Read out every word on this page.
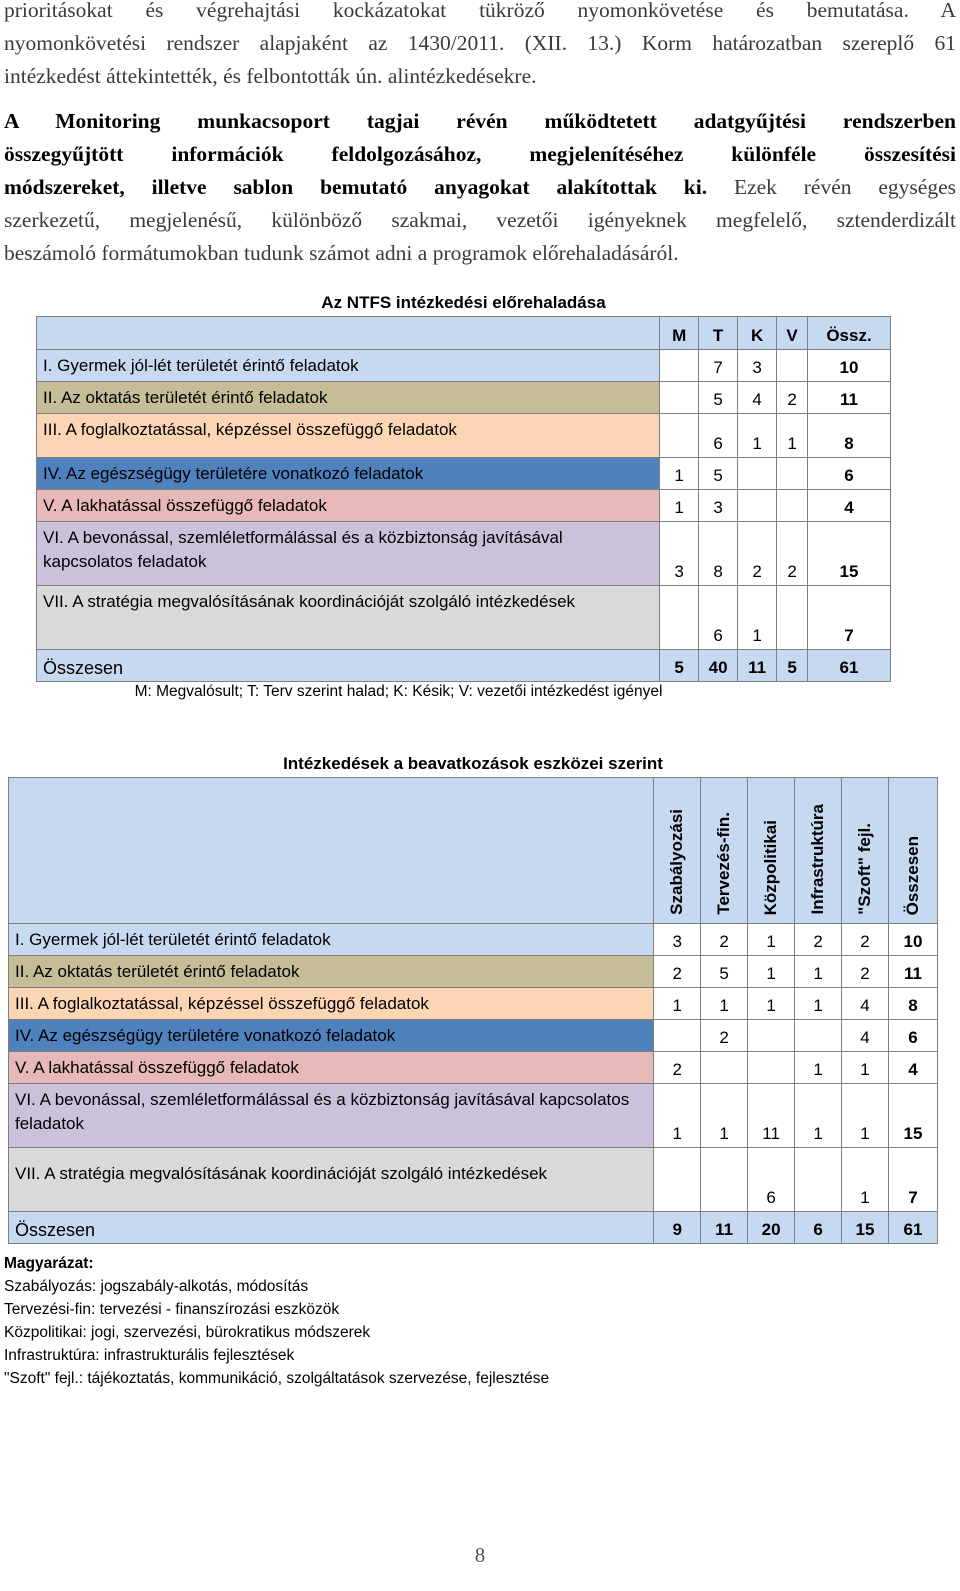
prioritásokat és végrehajtási kockázatokat tükröző nyomonkövetése és bemutatása. A
nyomonkövetési rendszer alapjaként az 1430/2011. (XII. 13.) Korm határozatban szereplő 61
intézkedést áttekintették, és felbontották ún. alintézkedésekre.
A Monitoring munkacsoport tagjai révén működtetett adatgyűjtési rendszerben
összegyűjtött információk feldolgozásához, megjelenítéséhez különféle összesítési
módszereket, illetve sablon bemutató anyagokat alakítottak ki. Ezek révén egységes
szerkezetű, megjelenésű, különböző szakmai, vezetői igényeknek megfelelő, sztenderdizált
beszámoló formátumokban tudunk számot adni a programok előrehaladásáról.
Az NTFS intézkedési előrehaladása
	M	T	K	V	Össz.
I. Gyermek jól-lét területét érintő feladatok		7	3		10
II. Az oktatás területét érintő feladatok		5	4	2	11
III. A foglalkoztatással, képzéssel összefüggő feladatok		6	1	1	8
IV. Az egészségügy területére vonatkozó feladatok	1	5			6
V. A lakhatással összefüggő feladatok	1	3			4
VI. A bevonással, szemléletformálással és a közbiztonság javításával kapcsolatos feladatok	3	8	2	2	15
VII. A stratégia megvalósításának koordinációját szolgáló intézkedések		6	1		7
Összesen	5	40	11	5	61
M: Megvalósult; T: Terv szerint halad; K: Késik; V: vezetői intézkedést igényel
Intézkedések a beavatkozások eszközei szerint
	Szabályozási	Tervezés-fin.	Közpolitikai	Infrastruktúra	"Szoft" fejl.	Összesen
I. Gyermek jól-lét területét érintő feladatok	3	2	1	2	2	10
II. Az oktatás területét érintő feladatok	2	5	1	1	2	11
III. A foglalkoztatással, képzéssel összefüggő feladatok	1	1	1	1	4	8
IV. Az egészségügy területére vonatkozó feladatok		2			4	6
V. A lakhatással összefüggő feladatok	2			1	1	4
VI. A bevonással, szemléletformálással és a közbiztonság javításával kapcsolatos feladatok	1	1	11	1	1	15
VII. A stratégia megvalósításának koordinációját szolgáló intézkedések			6		1	7
Összesen	9	11	20	6	15	61
Magyarázat:
Szabályozás: jogszabály-alkotás, módosítás
Tervezési-fin: tervezési - finanszírozási eszközök
Közpolitikai: jogi, szervezési, bürokratikus módszerek
Infrastruktúra: infrastrukturális fejlesztések
"Szoft" fejl.: tájékoztatás, kommunikáció, szolgáltatások szervezése, fejlesztése
8
